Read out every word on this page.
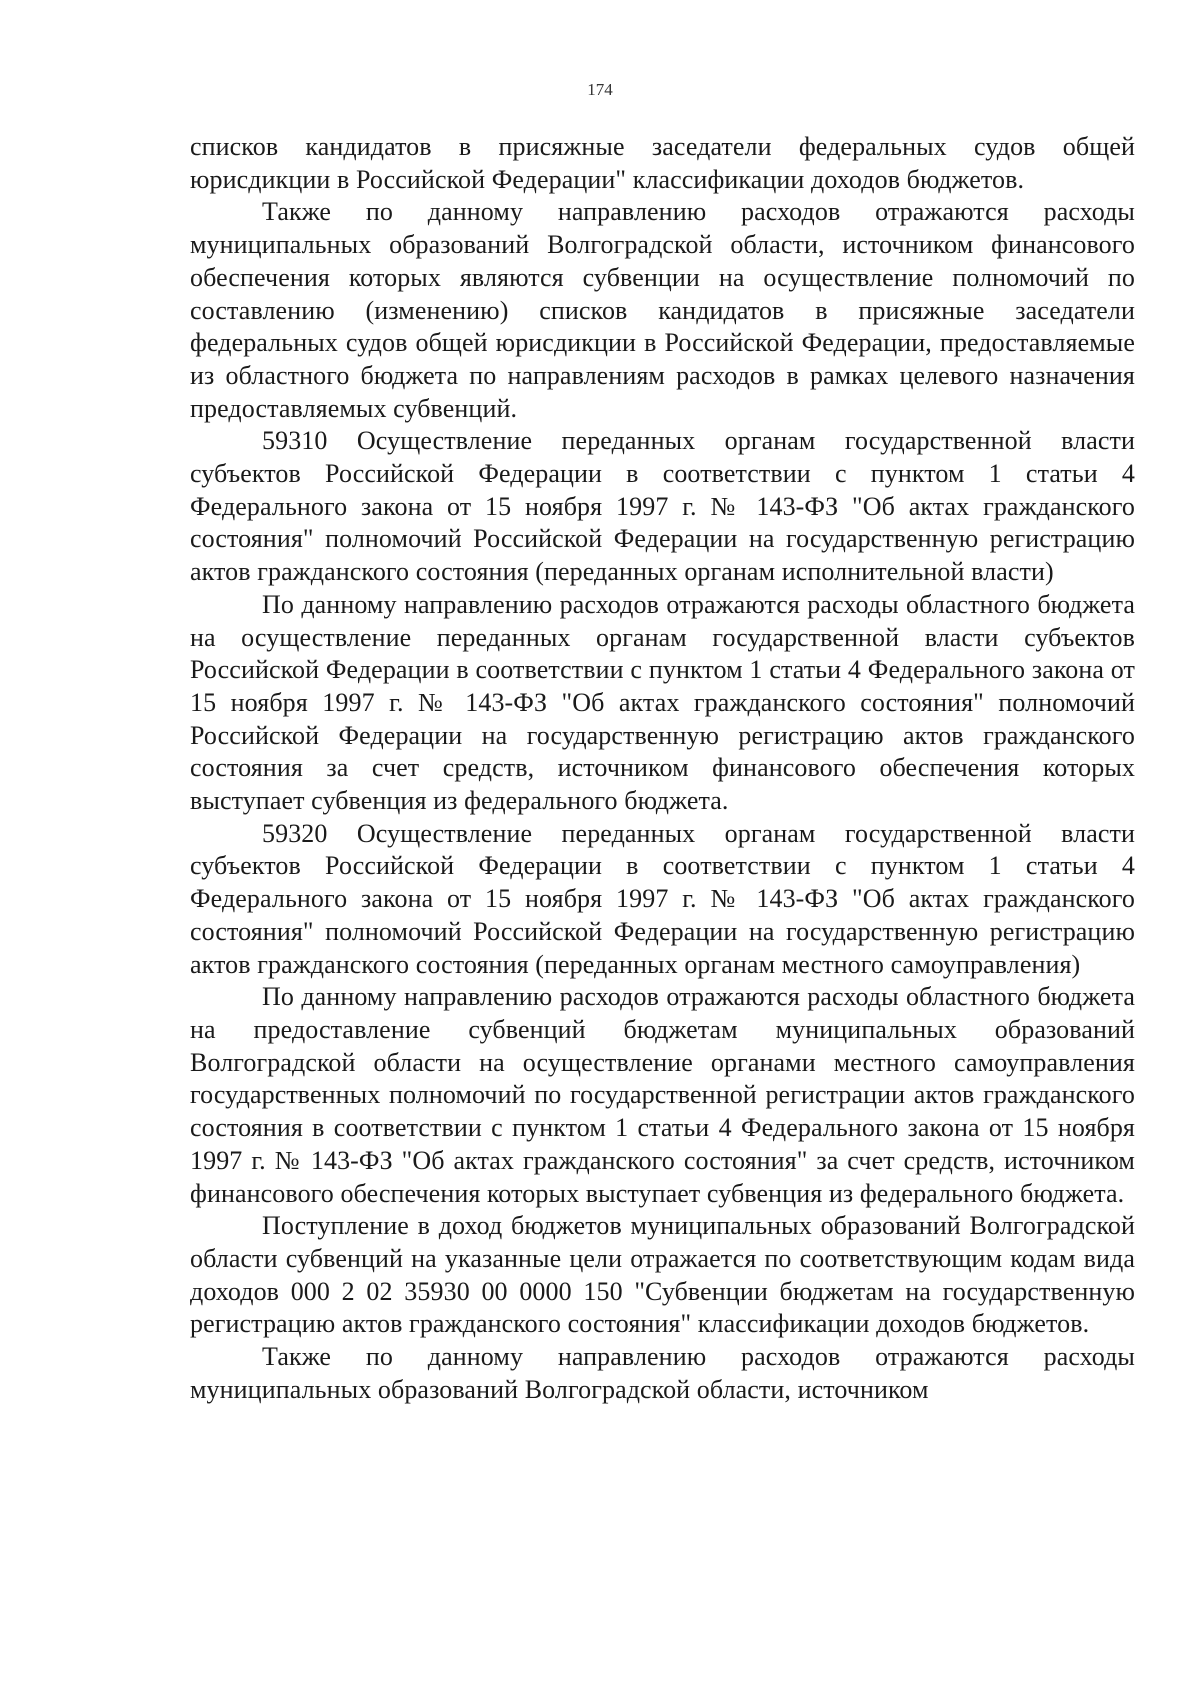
174

списков кандидатов в присяжные заседатели федеральных судов общей юрисдикции в Российской Федерации" классификации доходов бюджетов.

Также по данному направлению расходов отражаются расходы муниципальных образований Волгоградской области, источником финансового обеспечения которых являются субвенции на осуществление полномочий по составлению (изменению) списков кандидатов в присяжные заседатели федеральных судов общей юрисдикции в Российской Федерации, предоставляемые из областного бюджета по направлениям расходов в рамках целевого назначения предоставляемых субвенций.

59310 Осуществление переданных органам государственной власти субъектов Российской Федерации в соответствии с пунктом 1 статьи 4 Федерального закона от 15 ноября 1997 г. № 143-ФЗ "Об актах гражданского состояния" полномочий Российской Федерации на государственную регистрацию актов гражданского состояния (переданных органам исполнительной власти)

По данному направлению расходов отражаются расходы областного бюджета на осуществление переданных органам государственной власти субъектов Российской Федерации в соответствии с пунктом 1 статьи 4 Федерального закона от 15 ноября 1997 г. № 143-ФЗ "Об актах гражданского состояния" полномочий Российской Федерации на государственную регистрацию актов гражданского состояния за счет средств, источником финансового обеспечения которых выступает субвенция из федерального бюджета.

59320 Осуществление переданных органам государственной власти субъектов Российской Федерации в соответствии с пунктом 1 статьи 4 Федерального закона от 15 ноября 1997 г. № 143-ФЗ "Об актах гражданского состояния" полномочий Российской Федерации на государственную регистрацию актов гражданского состояния (переданных органам местного самоуправления)

По данному направлению расходов отражаются расходы областного бюджета на предоставление субвенций бюджетам муниципальных образований Волгоградской области на осуществление органами местного самоуправления государственных полномочий по государственной регистрации актов гражданского состояния в соответствии с пунктом 1 статьи 4 Федерального закона от 15 ноября 1997 г. № 143-ФЗ "Об актах гражданского состояния" за счет средств, источником финансового обеспечения которых выступает субвенция из федерального бюджета.

Поступление в доход бюджетов муниципальных образований Волгоградской области субвенций на указанные цели отражается по соответствующим кодам вида доходов 000 2 02 35930 00 0000 150 "Субвенции бюджетам на государственную регистрацию актов гражданского состояния" классификации доходов бюджетов.

Также по данному направлению расходов отражаются расходы муниципальных образований Волгоградской области, источником
